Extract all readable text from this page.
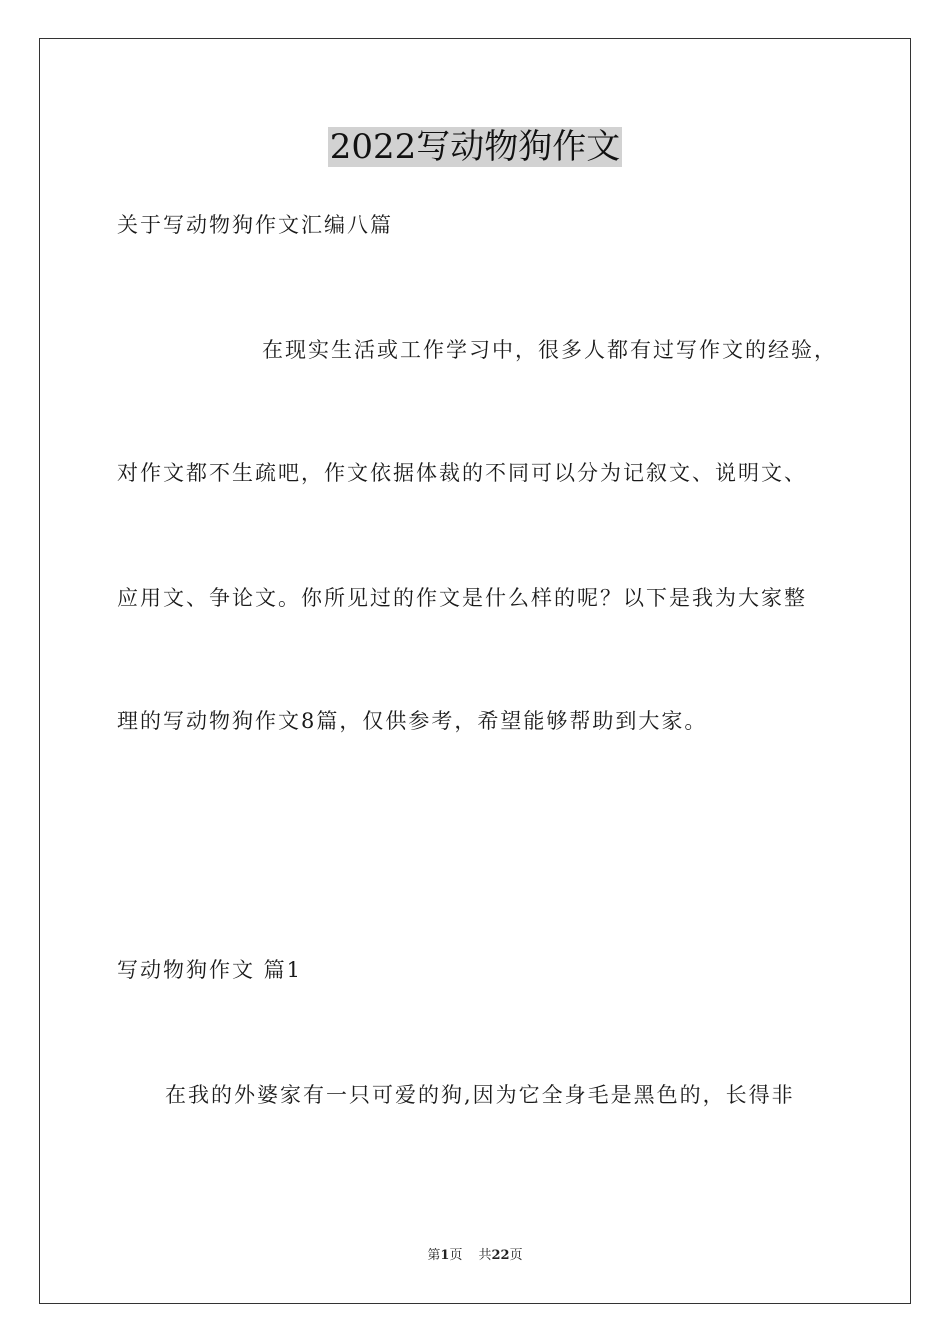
2022写动物狗作文
关于写动物狗作文汇编八篇
在现实生活或工作学习中，很多人都有过写作文的经验，
对作文都不生疏吧，作文依据体裁的不同可以分为记叙文、说明文、
应用文、争论文。你所见过的作文是什么样的呢？以下是我为大家整
理的写动物狗作文8篇，仅供参考，希望能够帮助到大家。
写动物狗作文 篇1
在我的外婆家有一只可爱的狗,因为它全身毛是黑色的，长得非
第1页 共22页
